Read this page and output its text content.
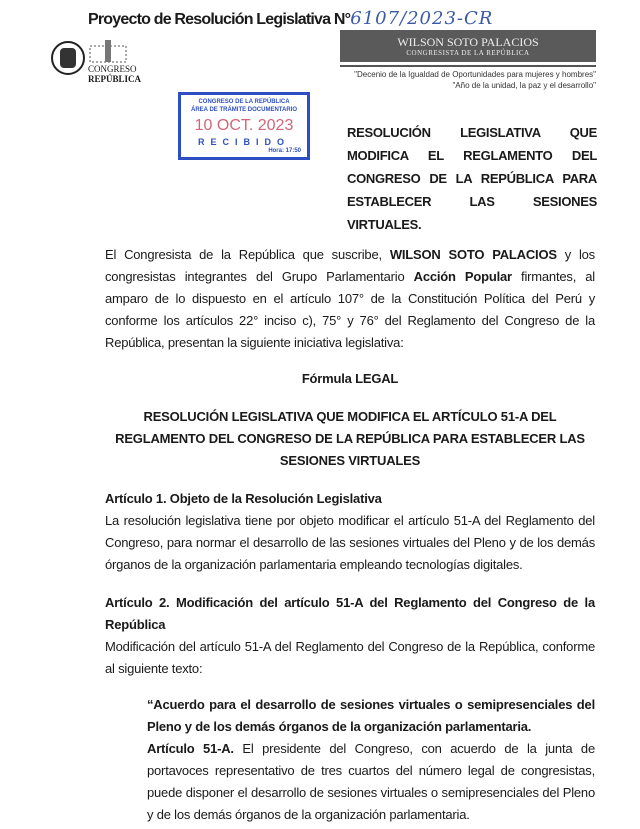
Proyecto de Resolución Legislativa N°6107/2023-CR
CONGRESO
REPÚBLICA
WILSON SOTO PALACIOS
CONGRESISTA DE LA REPÚBLICA
"Decenio de la Igualdad de Oportunidades para mujeres y hombres"
"Año de la unidad, la paz y el desarrollo"
CONGRESO DE LA REPÚBLICA
ÁREA DE TRÁMITE DOCUMENTARIO
10 OCT. 2023
RECIBIDO
Hora: 17:50
RESOLUCIÓN LEGISLATIVA QUE
MODIFICA EL REGLAMENTO DEL
CONGRESO DE LA REPÚBLICA PARA
ESTABLECER LAS SESIONES
VIRTUALES.

El Congresista de la República que suscribe, WILSON SOTO PALACIOS y los congresistas integrantes del Grupo Parlamentario Acción Popular firmantes, al amparo de lo dispuesto en el artículo 107° de la Constitución Política del Perú y conforme los artículos 22° inciso c), 75° y 76° del Reglamento del Congreso de la República, presentan la siguiente iniciativa legislativa:

Fórmula LEGAL

RESOLUCIÓN LEGISLATIVA QUE MODIFICA EL ARTÍCULO 51-A DEL REGLAMENTO DEL CONGRESO DE LA REPÚBLICA PARA ESTABLECER LAS SESIONES VIRTUALES

Artículo 1. Objeto de la Resolución Legislativa

La resolución legislativa tiene por objeto modificar el artículo 51-A del Reglamento del Congreso, para normar el desarrollo de las sesiones virtuales del Pleno y de los demás órganos de la organización parlamentaria empleando tecnologías digitales.

Artículo 2. Modificación del artículo 51-A del Reglamento del Congreso de la República

Modificación del artículo 51-A del Reglamento del Congreso de la República, conforme al siguiente texto:

“Acuerdo para el desarrollo de sesiones virtuales o semipresenciales del Pleno y de los demás órganos de la organización parlamentaria.

Artículo 51-A. El presidente del Congreso, con acuerdo de la junta de portavoces representativo de tres cuartos del número legal de congresistas, puede disponer el desarrollo de sesiones virtuales o semipresenciales del Pleno y de los demás órganos de la organización parlamentaria.
